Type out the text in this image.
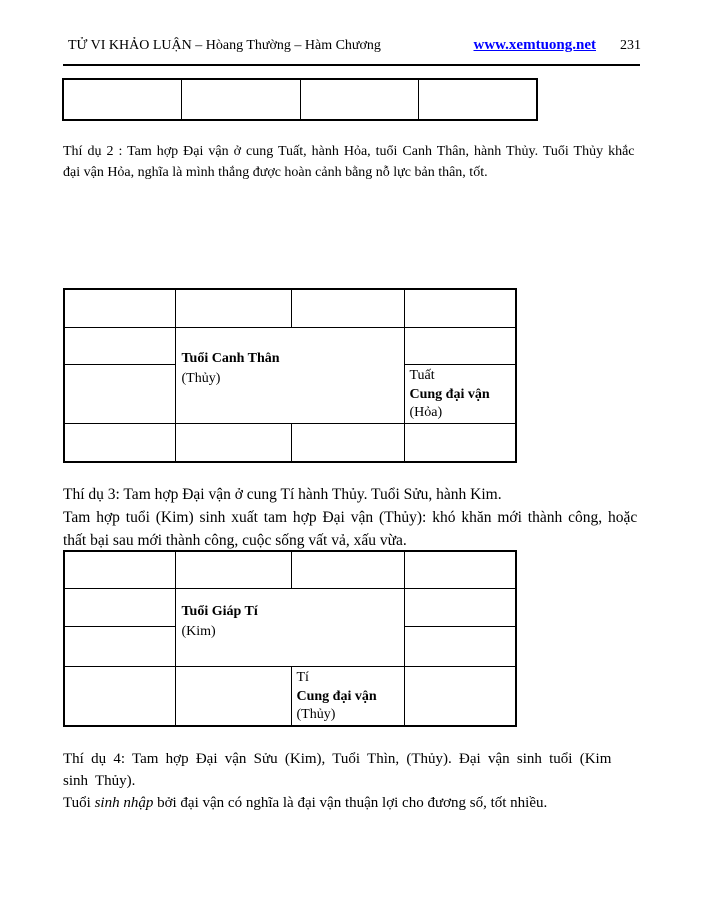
TỬ VI KHẢO LUẬN – Hòang Thường – Hàm Chương	www.xemtuong.net 231

Thí dụ 2 : Tam hợp Đại vận ở cung Tuất, hành Hỏa, tuổi Canh Thân, hành Thủy. Tuổi Thủy khắc
đại vận Hỏa, nghĩa là mình thắng được hoàn cảnh bằng nỗ lực bản thân, tốt.

	Tuổi Canh Thân
(Thủy)		

			Tuất
Cung đại vận
(Hỏa)

Thí dụ 3: Tam hợp Đại vận ở cung Tí hành Thủy. Tuổi Sửu, hành Kim.
Tam hợp tuổi (Kim) sinh xuất tam hợp Đại vận (Thủy): khó khăn mới thành công, hoặc
thất bại sau mới thành công, cuộc sống vất vả, xấu vừa.

	Tuổi Giáp Tí
(Kim)		

		Tí
Cung đại vận
(Thủy)	

Thí dụ 4: Tam hợp Đại vận Sửu (Kim), Tuổi Thìn, (Thủy). Đại vận sinh tuổi (Kim sinh Thủy).
Tuổi sinh nhập bởi đại vận có nghĩa là đại vận thuận lợi cho đương số, tốt nhiều.
